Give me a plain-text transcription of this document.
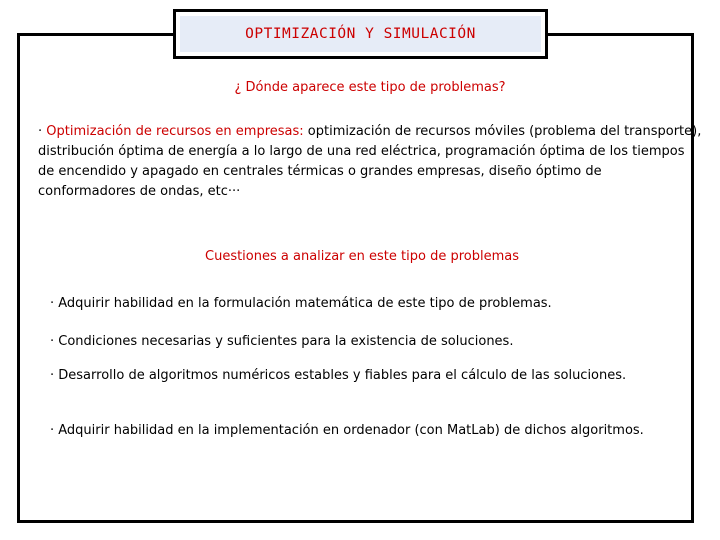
OPTIMIZACIÓN Y SIMULACIÓN
¿ Dónde aparece este tipo de problemas?
· Optimización de recursos en empresas: optimización de recursos móviles (problema del transporte), distribución óptima de energía a lo largo de una red eléctrica, programación óptima de los tiempos de encendido y apagado en centrales térmicas o grandes empresas, diseño óptimo de conformadores de ondas, etc···
Cuestiones a analizar en este tipo de problemas
· Adquirir habilidad en la formulación matemática de este tipo de problemas.
· Condiciones necesarias y suficientes para la existencia de soluciones.
· Desarrollo de algoritmos numéricos estables y fiables para el cálculo de las soluciones.
· Adquirir habilidad en la implementación en ordenador (con MatLab) de dichos algoritmos.
